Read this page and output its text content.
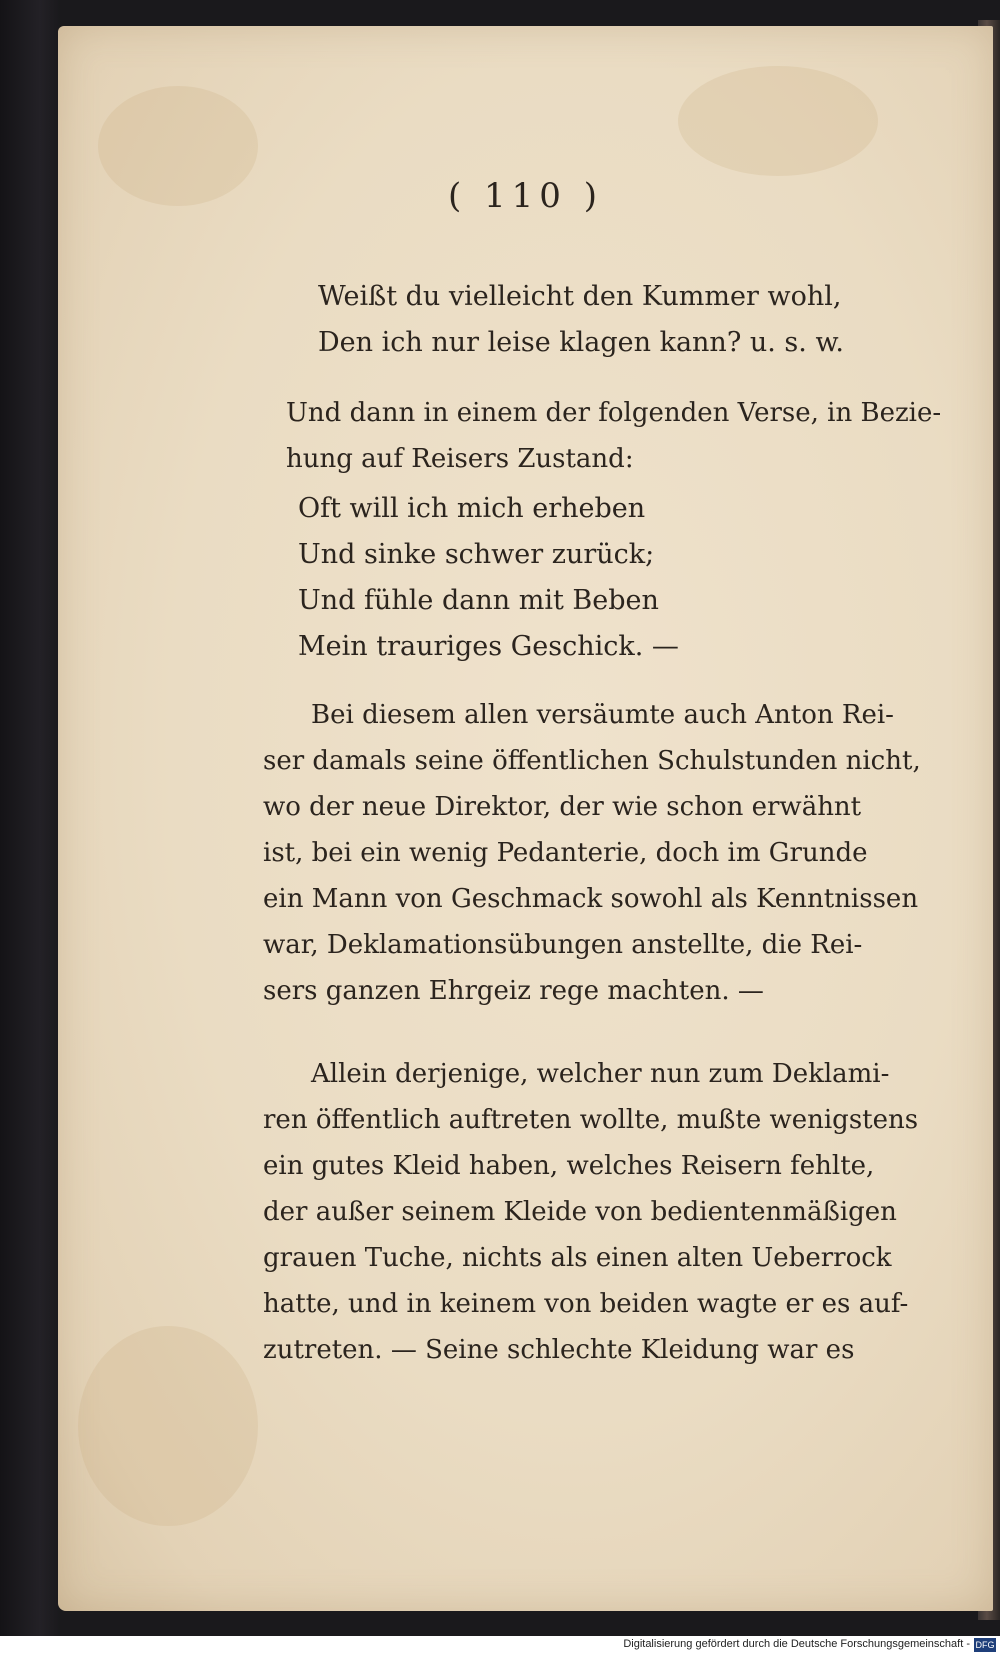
( 110 )
Weißt du vielleicht den Kummer wohl,
Den ich nur leise klagen kann? u. s. w.
Und dann in einem der folgenden Verse, in Bezie-
hung auf Reisers Zustand:
Oft will ich mich erheben
Und sinke schwer zurück;
Und fühle dann mit Beben
Mein trauriges Geschick. —
Bei diesem allen versäumte auch Anton Rei-
ser damals seine öffentlichen Schulstunden nicht,
wo der neue Direktor, der wie schon erwähnt
ist, bei ein wenig Pedanterie, doch im Grunde
ein Mann von Geschmack sowohl als Kenntnissen
war, Deklamationsübungen anstellte, die Rei-
sers ganzen Ehrgeiz rege machten. —
Allein derjenige, welcher nun zum Deklami-
ren öffentlich auftreten wollte, mußte wenigstens
ein gutes Kleid haben, welches Reisern fehlte,
der außer seinem Kleide von bedientenmäßigen
grauen Tuche, nichts als einen alten Ueberrock
hatte, und in keinem von beiden wagte er es auf-
zutreten. — Seine schlechte Kleidung war es
Digitalisierung gefördert durch die Deutsche Forschungsgemeinschaft - DFG
